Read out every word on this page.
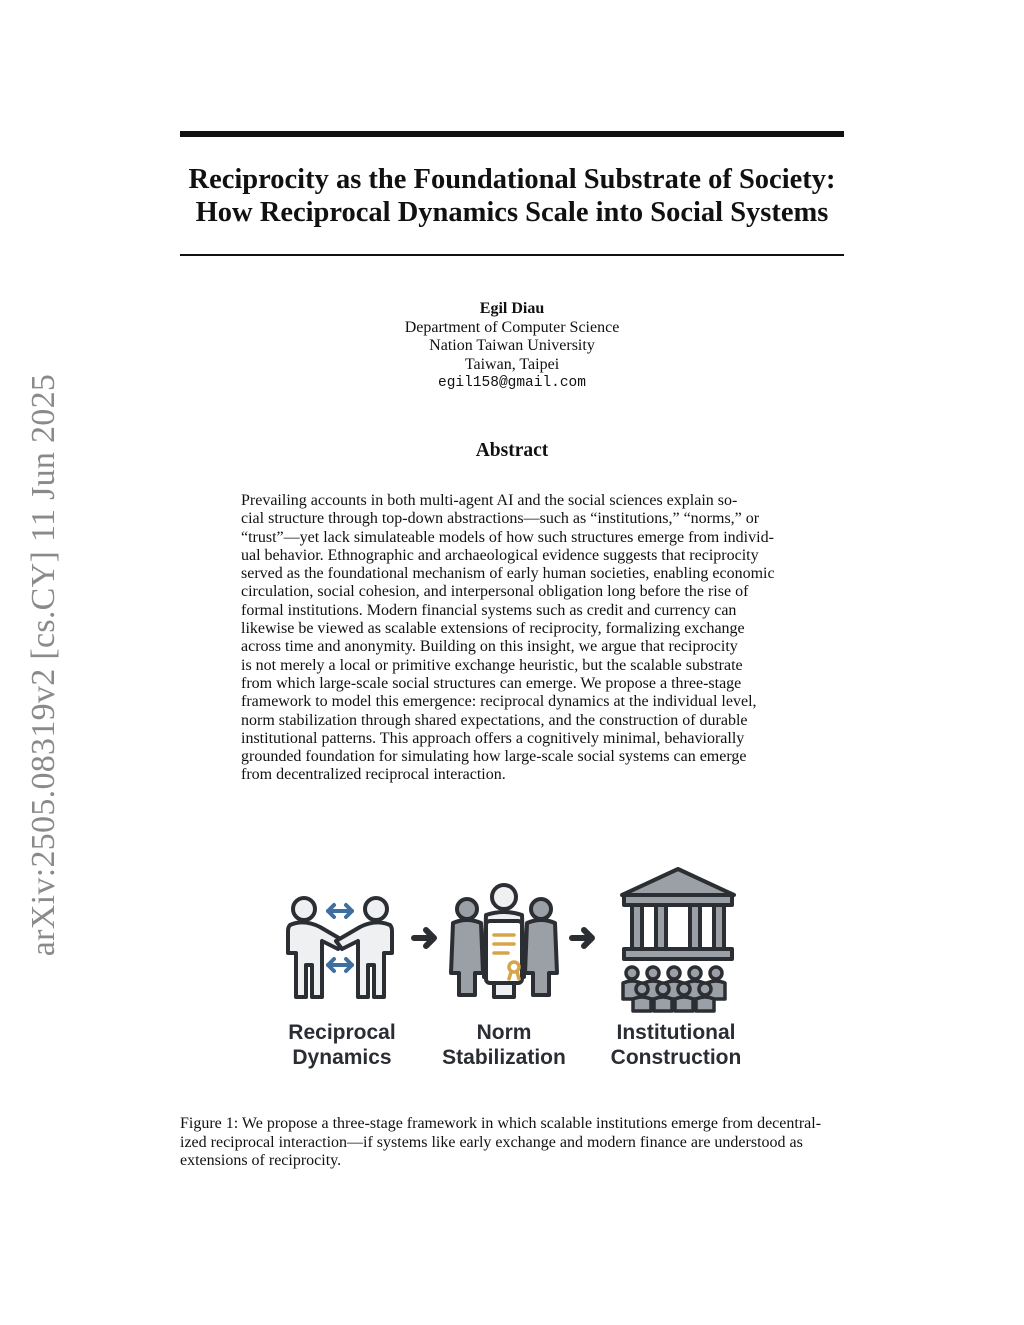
arXiv:2505.08319v2 [cs.CY] 11 Jun 2025
Reciprocity as the Foundational Substrate of Society:
How Reciprocal Dynamics Scale into Social Systems
Egil Diau
Department of Computer Science
Nation Taiwan University
Taiwan, Taipei
egil158@gmail.com
Abstract
Prevailing accounts in both multi-agent AI and the social sciences explain so-
cial structure through top-down abstractions—such as “institutions,” “norms,” or
“trust”—yet lack simulateable models of how such structures emerge from individ-
ual behavior. Ethnographic and archaeological evidence suggests that reciprocity
served as the foundational mechanism of early human societies, enabling economic
circulation, social cohesion, and interpersonal obligation long before the rise of
formal institutions. Modern financial systems such as credit and currency can
likewise be viewed as scalable extensions of reciprocity, formalizing exchange
across time and anonymity. Building on this insight, we argue that reciprocity
is not merely a local or primitive exchange heuristic, but the scalable substrate
from which large-scale social structures can emerge. We propose a three-stage
framework to model this emergence: reciprocal dynamics at the individual level,
norm stabilization through shared expectations, and the construction of durable
institutional patterns. This approach offers a cognitively minimal, behaviorally
grounded foundation for simulating how large-scale social systems can emerge
from decentralized reciprocal interaction.
Reciprocal
Dynamics
Norm
Stabilization
Institutional
Construction
Figure 1: We propose a three-stage framework in which scalable institutions emerge from decentral-
ized reciprocal interaction—if systems like early exchange and modern finance are understood as
extensions of reciprocity.
